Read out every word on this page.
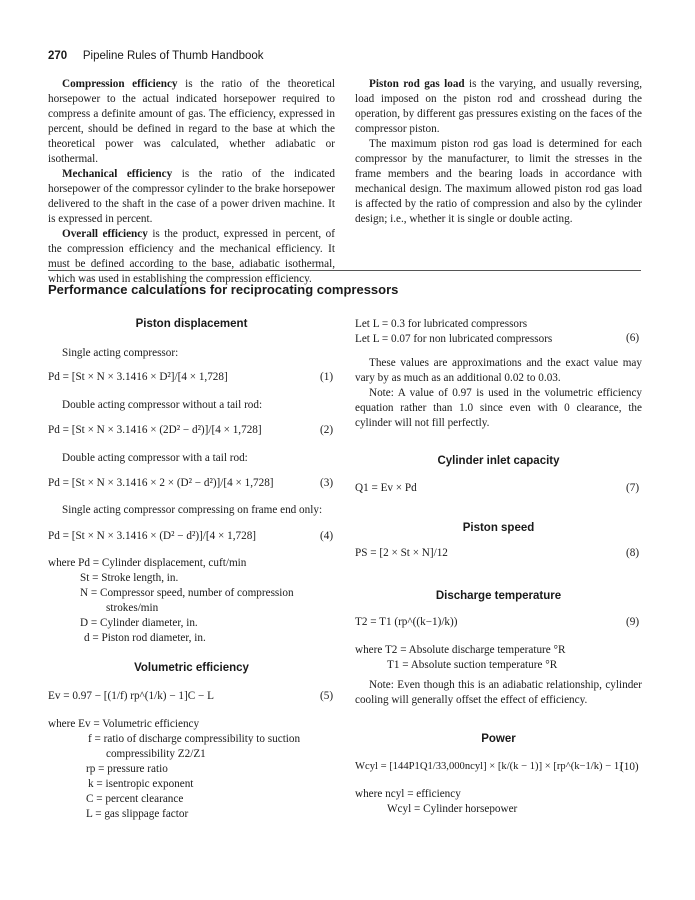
270 Pipeline Rules of Thumb Handbook

Compression efficiency is the ratio of the theoretical horsepower to the actual indicated horsepower required to compress a definite amount of gas. The efficiency, expressed in percent, should be defined in regard to the base at which the theoretical power was calculated, whether adiabatic or isothermal.

Mechanical efficiency is the ratio of the indicated horsepower of the compressor cylinder to the brake horsepower delivered to the shaft in the case of a power driven machine. It is expressed in percent.

Overall efficiency is the product, expressed in percent, of the compression efficiency and the mechanical efficiency. It must be defined according to the base, adiabatic isothermal, which was used in establishing the compression efficiency.

Piston rod gas load is the varying, and usually reversing, load imposed on the piston rod and crosshead during the operation, by different gas pressures existing on the faces of the compressor piston.

The maximum piston rod gas load is determined for each compressor by the manufacturer, to limit the stresses in the frame members and the bearing loads in accordance with mechanical design. The maximum allowed piston rod gas load is affected by the ratio of compression and also by the cylinder design; i.e., whether it is single or double acting.

Performance calculations for reciprocating compressors
Piston displacement
Single acting compressor:
Pd = [St × N × 3.1416 × D²]/[4 × 1,728]	(1)
Double acting compressor without a tail rod:
Pd = [St × N × 3.1416 × (2D² − d²)]/[4 × 1,728]	(2)
Double acting compressor with a tail rod:
Pd = [St × N × 3.1416 × 2 × (D² − d²)]/[4 × 1,728]	(3)
Single acting compressor compressing on frame end only:
Pd = [St × N × 3.1416 × (D² − d²)]/[4 × 1,728]	(4)
where Pd = Cylinder displacement, cuft/min
St = Stroke length, in.
N = Compressor speed, number of compression
strokes/min
D = Cylinder diameter, in.
d = Piston rod diameter, in.
Volumetric efficiency
Ev = 0.97 − [(1/f) rp^(1/k) − 1]C − L	(5)
where Ev = Volumetric efficiency
f = ratio of discharge compressibility to suction
compressibility Z2/Z1
rp = pressure ratio
k = isentropic exponent
C = percent clearance
L = gas slippage factor
Let L = 0.3 for lubricated compressors
Let L = 0.07 for non lubricated compressors	(6)

These values are approximations and the exact value may vary by as much as an additional 0.02 to 0.03.

Note: A value of 0.97 is used in the volumetric efficiency equation rather than 1.0 since even with 0 clearance, the cylinder will not fill perfectly.

Cylinder inlet capacity
Q1 = Ev × Pd	(7)
Piston speed
PS = [2 × St × N]/12	(8)
Discharge temperature
T2 = T1 (rp^((k−1)/k))	(9)
where T2 = Absolute discharge temperature °R
T1 = Absolute suction temperature °R

Note: Even though this is an adiabatic relationship, cylinder cooling will generally offset the effect of efficiency.

Power
Wcyl = [144P1Q1/33,000ncyl] × [k/(k − 1)] × [rp^(k−1/k) − 1]
(10)
where ncyl = efficiency
Wcyl = Cylinder horsepower
